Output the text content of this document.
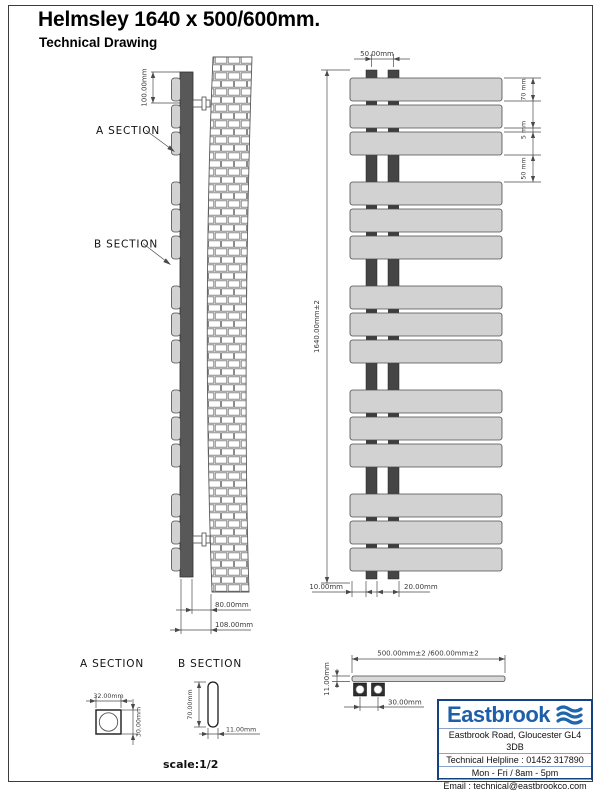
Helmsley 1640 x 500/600mm.
Technical Drawing
100.00mm
A SECTION
B SECTION
80.00mm
108.00mm
50.00mm
1640.00mm±2
70 mm
5 mm
50 mm
10.00mm	20.00mm
500.00mm±2 /600.00mm±2
11.00mm
30.00mm
A SECTION
32.00mm
30.00mm
B SECTION
70.00mm
11.00mm
scale:1/2
Eastbrook
Eastbrook Road, Gloucester GL4 3DB
Technical Helpline : 01452 317890
Mon - Fri / 8am - 5pm
Email : technical@eastbrookco.com
